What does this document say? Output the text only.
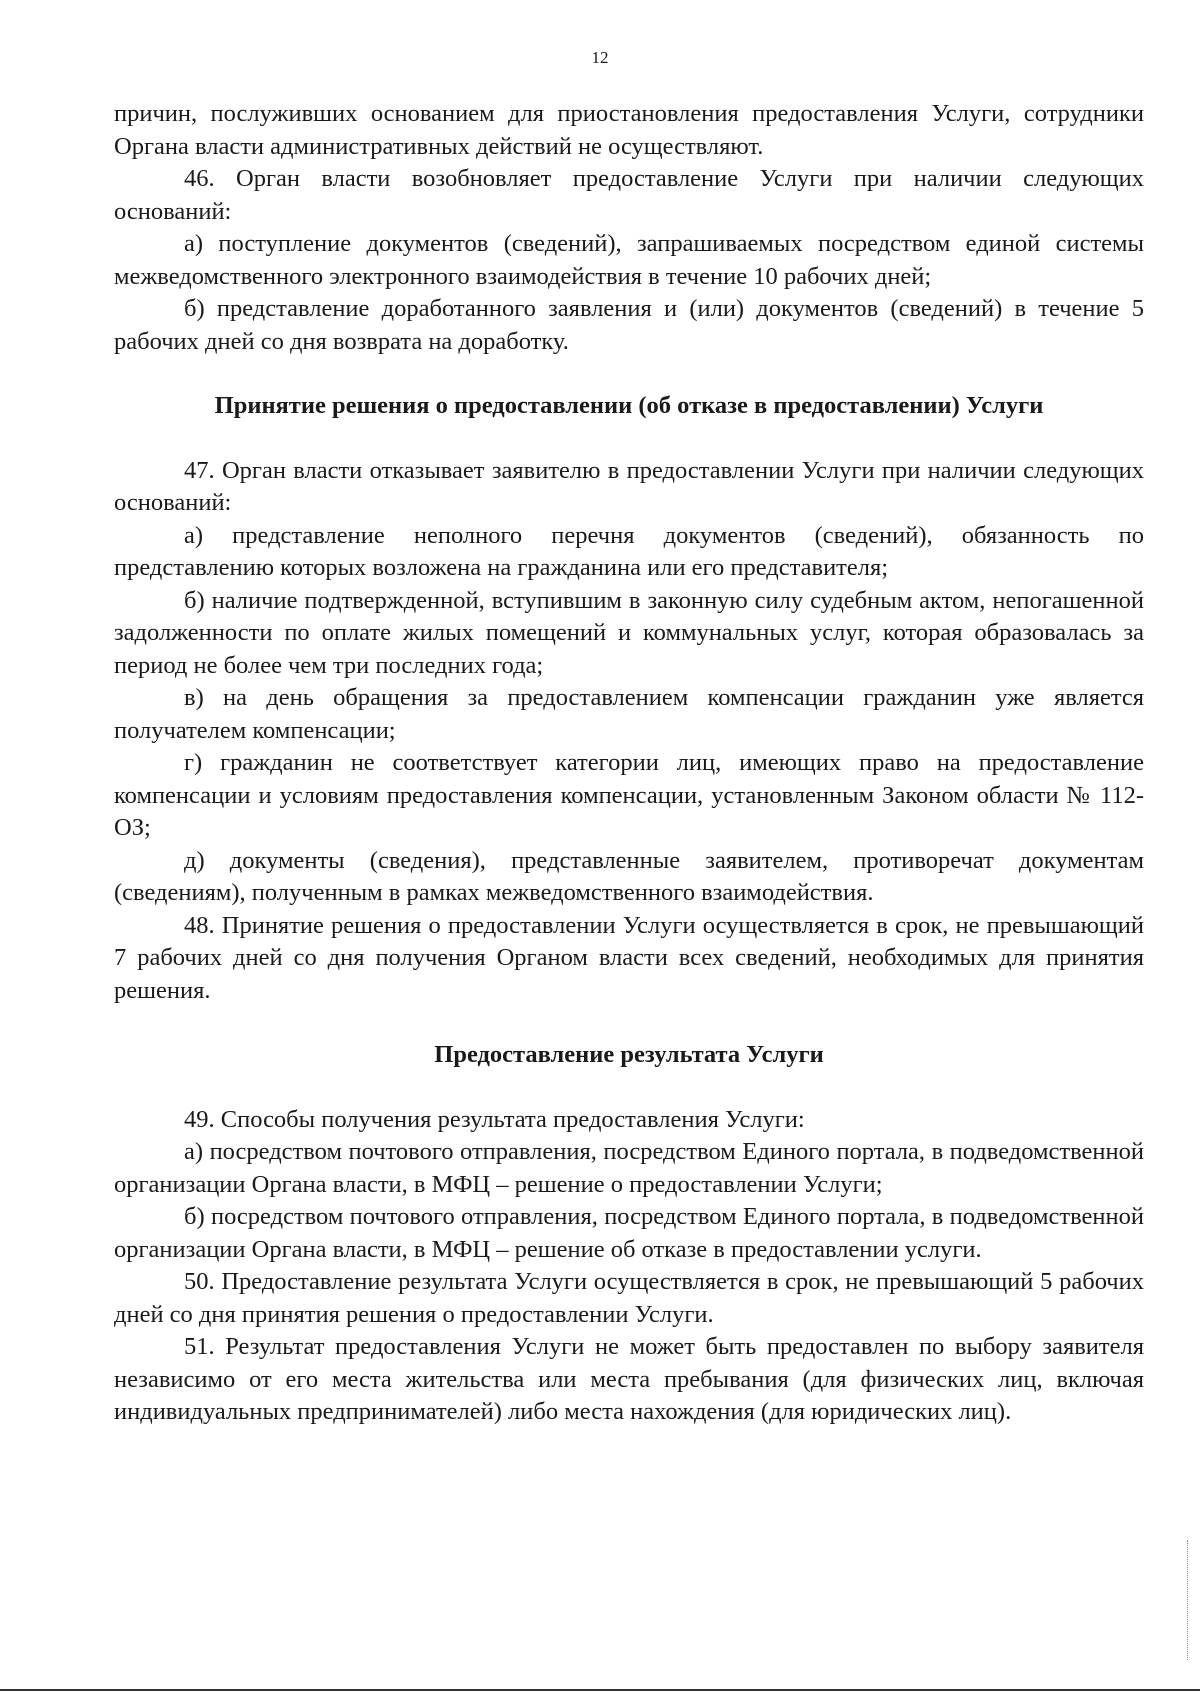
12

причин, послуживших основанием для приостановления предоставления Услуги, сотрудники Органа власти административных действий не осуществляют.

46. Орган власти возобновляет предоставление Услуги при наличии следующих оснований:

а) поступление документов (сведений), запрашиваемых посредством единой системы межведомственного электронного взаимодействия в течение 10 рабочих дней;

б) представление доработанного заявления и (или) документов (сведений) в течение 5 рабочих дней со дня возврата на доработку.

Принятие решения о предоставлении (об отказе в предоставлении) Услуги

47. Орган власти отказывает заявителю в предоставлении Услуги при наличии следующих оснований:

а) представление неполного перечня документов (сведений), обязанность по представлению которых возложена на гражданина или его представителя;

б) наличие подтвержденной, вступившим в законную силу судебным актом, непогашенной задолженности по оплате жилых помещений и коммунальных услуг, которая образовалась за период не более чем три последних года;

в) на день обращения за предоставлением компенсации гражданин уже является получателем компенсации;

г) гражданин не соответствует категории лиц, имеющих право на предоставление компенсации и условиям предоставления компенсации, установленным Законом области № 112-ОЗ;

д) документы (сведения), представленные заявителем, противоречат документам (сведениям), полученным в рамках межведомственного взаимодействия.

48. Принятие решения о предоставлении Услуги осуществляется в срок, не превышающий 7 рабочих дней со дня получения Органом власти всех сведений, необходимых для принятия решения.

Предоставление результата Услуги

49. Способы получения результата предоставления Услуги:

а) посредством почтового отправления, посредством Единого портала, в подведомственной организации Органа власти, в МФЦ – решение о предоставлении Услуги;

б) посредством почтового отправления, посредством Единого портала, в подведомственной организации Органа власти, в МФЦ – решение об отказе в предоставлении услуги.

50. Предоставление результата Услуги осуществляется в срок, не превышающий 5 рабочих дней со дня принятия решения о предоставлении Услуги.

51. Результат предоставления Услуги не может быть предоставлен по выбору заявителя независимо от его места жительства или места пребывания (для физических лиц, включая индивидуальных предпринимателей) либо места нахождения (для юридических лиц).
